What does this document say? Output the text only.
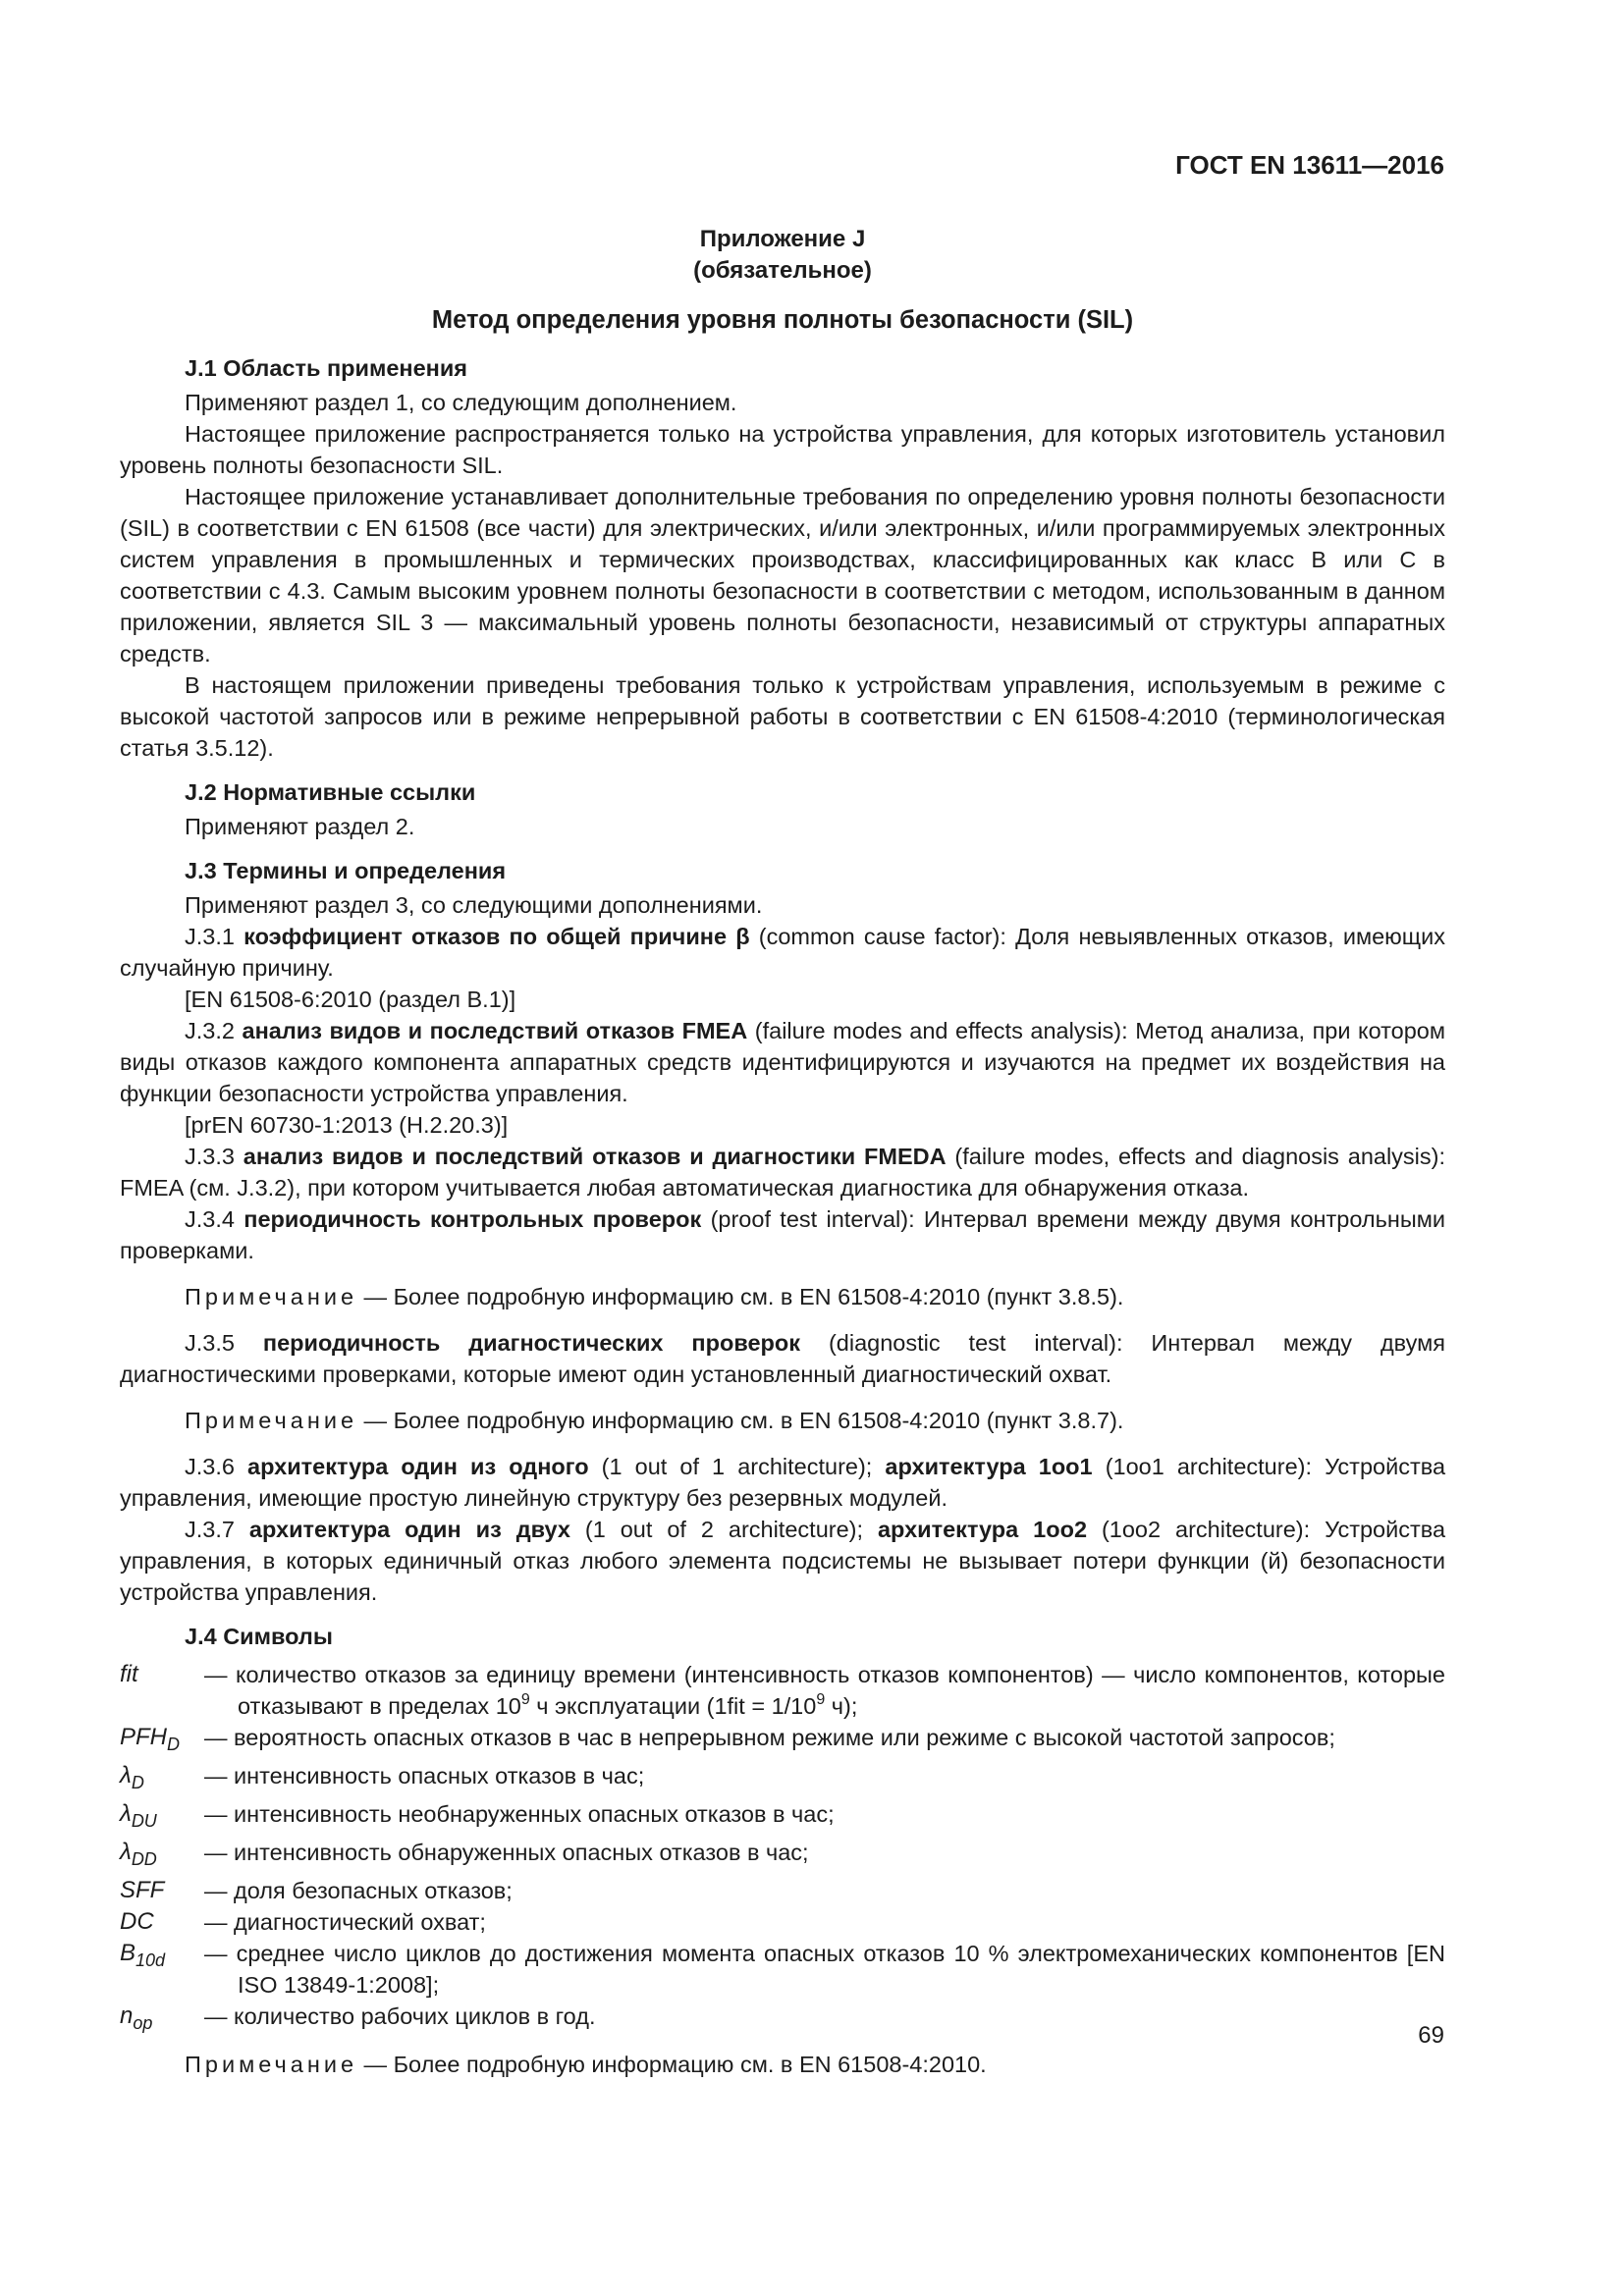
ГОСТ EN 13611—2016
Приложение J
(обязательное)
Метод определения уровня полноты безопасности (SIL)
J.1 Область применения

Применяют раздел 1, со следующим дополнением.

Настоящее приложение распространяется только на устройства управления, для которых изготовитель установил уровень полноты безопасности SIL.

Настоящее приложение устанавливает дополнительные требования по определению уровня полноты безопасности (SIL) в соответствии с EN 61508 (все части) для электрических, и/или электронных, и/или программируемых электронных систем управления в промышленных и термических производствах, классифицированных как класс B или C в соответствии с 4.3. Самым высоким уровнем полноты безопасности в соответствии с методом, использованным в данном приложении, является SIL 3 — максимальный уровень полноты безопасности, независимый от структуры аппаратных средств.

В настоящем приложении приведены требования только к устройствам управления, используемым в режиме с высокой частотой запросов или в режиме непрерывной работы в соответствии с EN 61508-4:2010 (терминологическая статья 3.5.12).

J.2 Нормативные ссылки

Применяют раздел 2.

J.3 Термины и определения

Применяют раздел 3, со следующими дополнениями.

J.3.1 коэффициент отказов по общей причине β (common cause factor): Доля невыявленных отказов, имеющих случайную причину.

[EN 61508-6:2010 (раздел B.1)]

J.3.2 анализ видов и последствий отказов FMEA (failure modes and effects analysis): Метод анализа, при котором виды отказов каждого компонента аппаратных средств идентифицируются и изучаются на предмет их воздействия на функции безопасности устройства управления.

[prEN 60730-1:2013 (H.2.20.3)]

J.3.3 анализ видов и последствий отказов и диагностики FMEDA (failure modes, effects and diagnosis analysis): FMEA (см. J.3.2), при котором учитывается любая автоматическая диагностика для обнаружения отказа.

J.3.4 периодичность контрольных проверок (proof test interval): Интервал времени между двумя контрольными проверками.

Примечание — Более подробную информацию см. в EN 61508-4:2010 (пункт 3.8.5).

J.3.5 периодичность диагностических проверок (diagnostic test interval): Интервал между двумя диагностическими проверками, которые имеют один установленный диагностический охват.

Примечание — Более подробную информацию см. в EN 61508-4:2010 (пункт 3.8.7).

J.3.6 архитектура один из одного (1 out of 1 architecture); архитектура 1oo1 (1oo1 architecture): Устройства управления, имеющие простую линейную структуру без резервных модулей.

J.3.7 архитектура один из двух (1 out of 2 architecture); архитектура 1oo2 (1oo2 architecture): Устройства управления, в которых единичный отказ любого элемента подсистемы не вызывает потери функции (й) безопасности устройства управления.

J.4 Символы
fit	— количество отказов за единицу времени (интенсивность отказов компонентов) — число компонентов, которые отказывают в пределах $10^9$ ч эксплуатации ($1fit = 1/10^9$ ч);
$PFH_D$	— вероятность опасных отказов в час в непрерывном режиме или режиме с высокой частотой запросов;
$\lambda_D$	— интенсивность опасных отказов в час;
$\lambda_{DU}$	— интенсивность необнаруженных опасных отказов в час;
$\lambda_{DD}$	— интенсивность обнаруженных опасных отказов в час;
SFF	— доля безопасных отказов;
DC	— диагностический охват;
$B_{10d}$	— среднее число циклов до достижения момента опасных отказов 10 % электромеханических компонентов [EN ISO 13849-1:2008];
$n_{op}$	— количество рабочих циклов в год.

Примечание — Более подробную информацию см. в EN 61508-4:2010.

69
